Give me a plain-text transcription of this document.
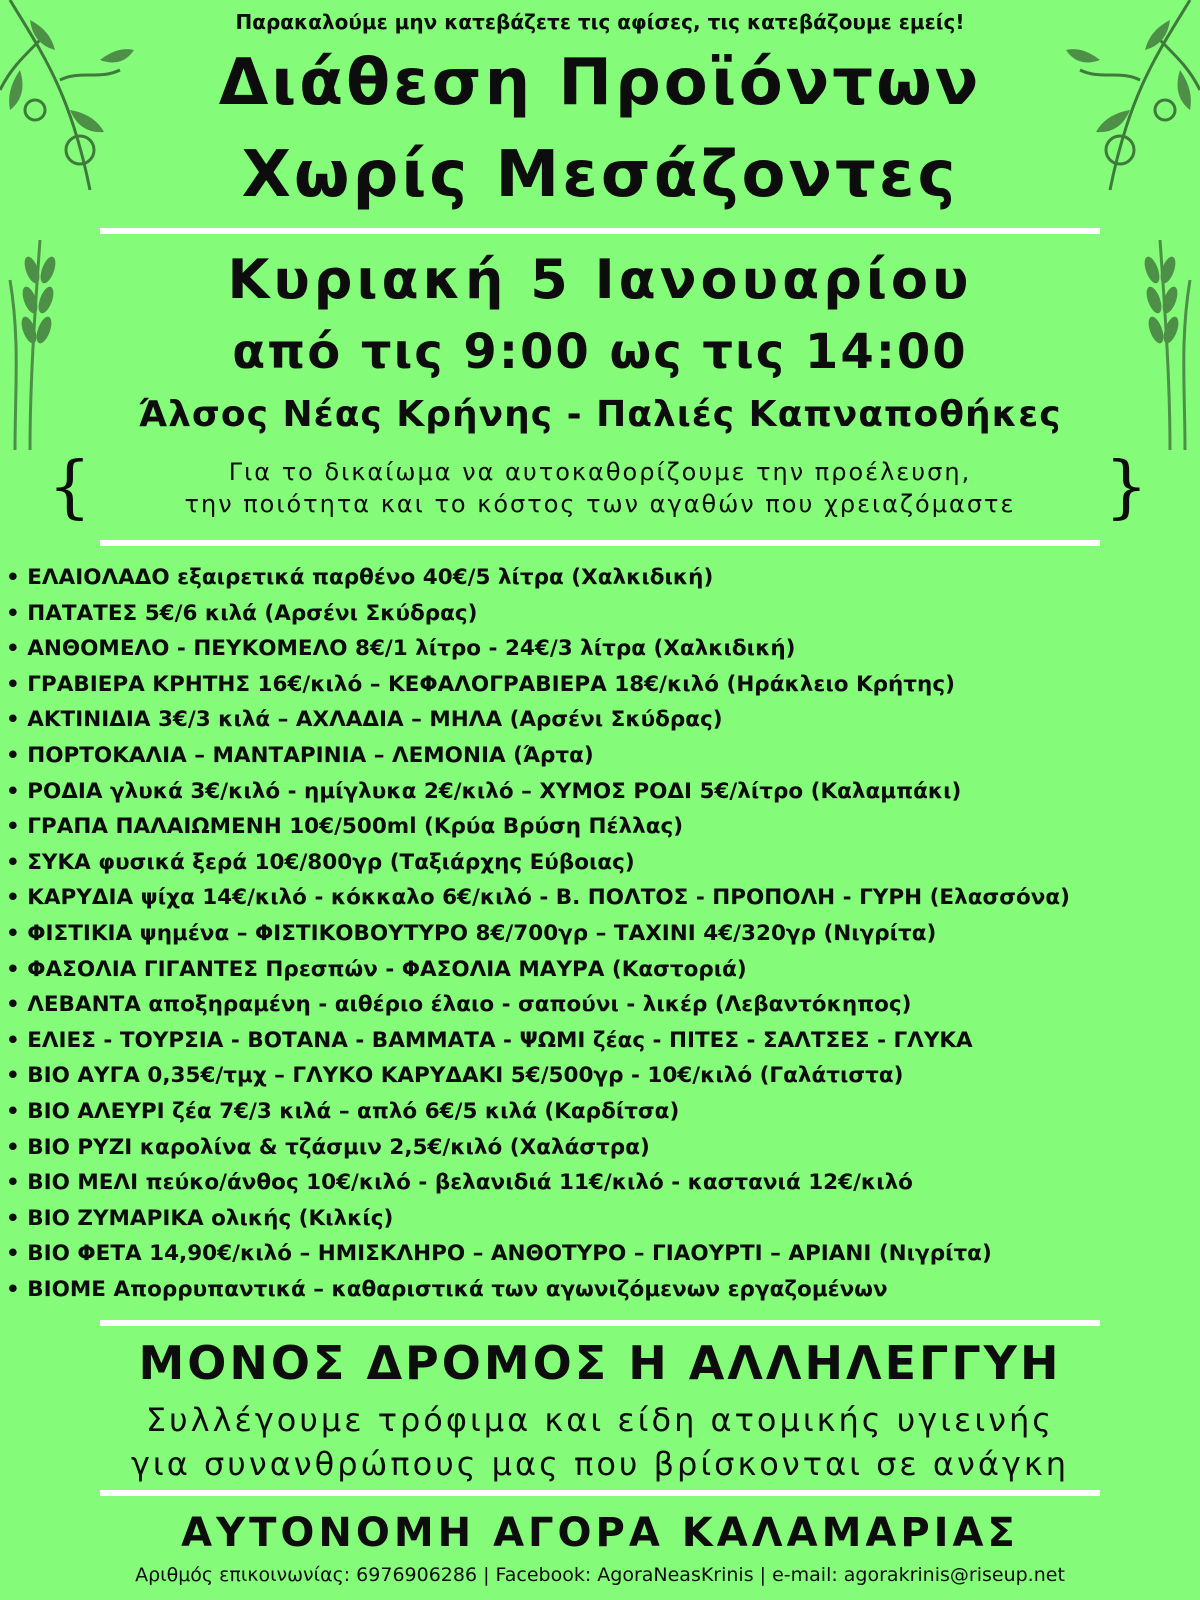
Παρακαλούμε μην κατεβάζετε τις αφίσες, τις κατεβάζουμε εμείς!
Διάθεση Προϊόντων
Χωρίς Μεσάζοντες
Κυριακή 5 Ιανουαρίου
από τις 9:00 ως τις 14:00
Άλσος Νέας Κρήνης - Παλιές Καπναποθήκες
{	Για το δικαίωμα να αυτοκαθορίζουμε την προέλευση,
την ποιότητα και το κόστος των αγαθών που χρειαζόμαστε	}
• ΕΛΑΙΟΛΑΔΟ εξαιρετικά παρθένο 40€/5 λίτρα (Χαλκιδική)
• ΠΑΤΑΤΕΣ 5€/6 κιλά (Αρσένι Σκύδρας)
• ΑΝΘΟΜΕΛΟ - ΠΕΥΚΟΜΕΛΟ 8€/1 λίτρο - 24€/3 λίτρα (Χαλκιδική)
• ΓΡΑΒΙΕΡΑ ΚΡΗΤΗΣ 16€/κιλό – ΚΕΦΑΛΟΓΡΑΒΙΕΡΑ 18€/κιλό (Ηράκλειο Κρήτης)
• ΑΚΤΙΝΙΔΙΑ 3€/3 κιλά – ΑΧΛΑΔΙΑ – ΜΗΛΑ (Αρσένι Σκύδρας)
• ΠΟΡΤΟΚΑΛΙΑ – ΜΑΝΤΑΡΙΝΙΑ – ΛΕΜΟΝΙΑ (Άρτα)
• ΡΟΔΙΑ γλυκά 3€/κιλό - ημίγλυκα 2€/κιλό – ΧΥΜΟΣ ΡΟΔΙ 5€/λίτρο (Καλαμπάκι)
• ΓΡΑΠΑ ΠΑΛΑΙΩΜΕΝΗ 10€/500ml (Κρύα Βρύση Πέλλας)
• ΣΥΚΑ φυσικά ξερά 10€/800γρ (Ταξιάρχης Εύβοιας)
• ΚΑΡΥΔΙΑ ψίχα 14€/κιλό - κόκκαλο 6€/κιλό - Β. ΠΟΛΤΟΣ - ΠΡΟΠΟΛΗ - ΓΥΡΗ (Ελασσόνα)
• ΦΙΣΤΙΚΙΑ ψημένα – ΦΙΣΤΙΚΟΒΟΥΤΥΡΟ 8€/700γρ – ΤΑΧΙΝΙ 4€/320γρ (Νιγρίτα)
• ΦΑΣΟΛΙΑ ΓΙΓΑΝΤΕΣ Πρεσπών - ΦΑΣΟΛΙΑ ΜΑΥΡΑ (Καστοριά)
• ΛΕΒΑΝΤΑ αποξηραμένη - αιθέριο έλαιο - σαπούνι - λικέρ (Λεβαντόκηπος)
• ΕΛΙΕΣ - ΤΟΥΡΣΙΑ - ΒΟΤΑΝΑ - ΒΑΜΜΑΤΑ - ΨΩΜΙ ζέας - ΠΙΤΕΣ - ΣΑΛΤΣΕΣ - ΓΛΥΚΑ
• ΒΙΟ ΑΥΓΑ 0,35€/τμχ – ΓΛΥΚΟ ΚΑΡΥΔΑΚΙ 5€/500γρ - 10€/κιλό (Γαλάτιστα)
• ΒΙΟ ΑΛΕΥΡΙ ζέα 7€/3 κιλά – απλό 6€/5 κιλά (Καρδίτσα)
• ΒΙΟ ΡΥΖΙ καρολίνα & τζάσμιν 2,5€/κιλό (Χαλάστρα)
• ΒΙΟ ΜΕΛΙ πεύκο/άνθος 10€/κιλό - βελανιδιά 11€/κιλό - καστανιά 12€/κιλό
• ΒΙΟ ΖΥΜΑΡΙΚΑ ολικής (Κιλκίς)
• ΒΙΟ ΦΕΤΑ 14,90€/κιλό – ΗΜΙΣΚΛΗΡΟ – ΑΝΘΟΤΥΡΟ – ΓΙΑΟΥΡΤΙ – ΑΡΙΑΝΙ (Νιγρίτα)
• ΒΙΟΜΕ Απορρυπαντικά – καθαριστικά των αγωνιζόμενων εργαζομένων
ΜΟΝΟΣ ΔΡΟΜΟΣ Η ΑΛΛΗΛΕΓΓΥΗ
Συλλέγουμε τρόφιμα και είδη ατομικής υγιεινής
για συνανθρώπους μας που βρίσκονται σε ανάγκη
ΑΥΤΟΝΟΜΗ ΑΓΟΡΑ ΚΑΛΑΜΑΡΙΑΣ
Αριθμός επικοινωνίας: 6976906286 | Facebook: AgoraNeasKrinis | e-mail: agorakrinis@riseup.net
